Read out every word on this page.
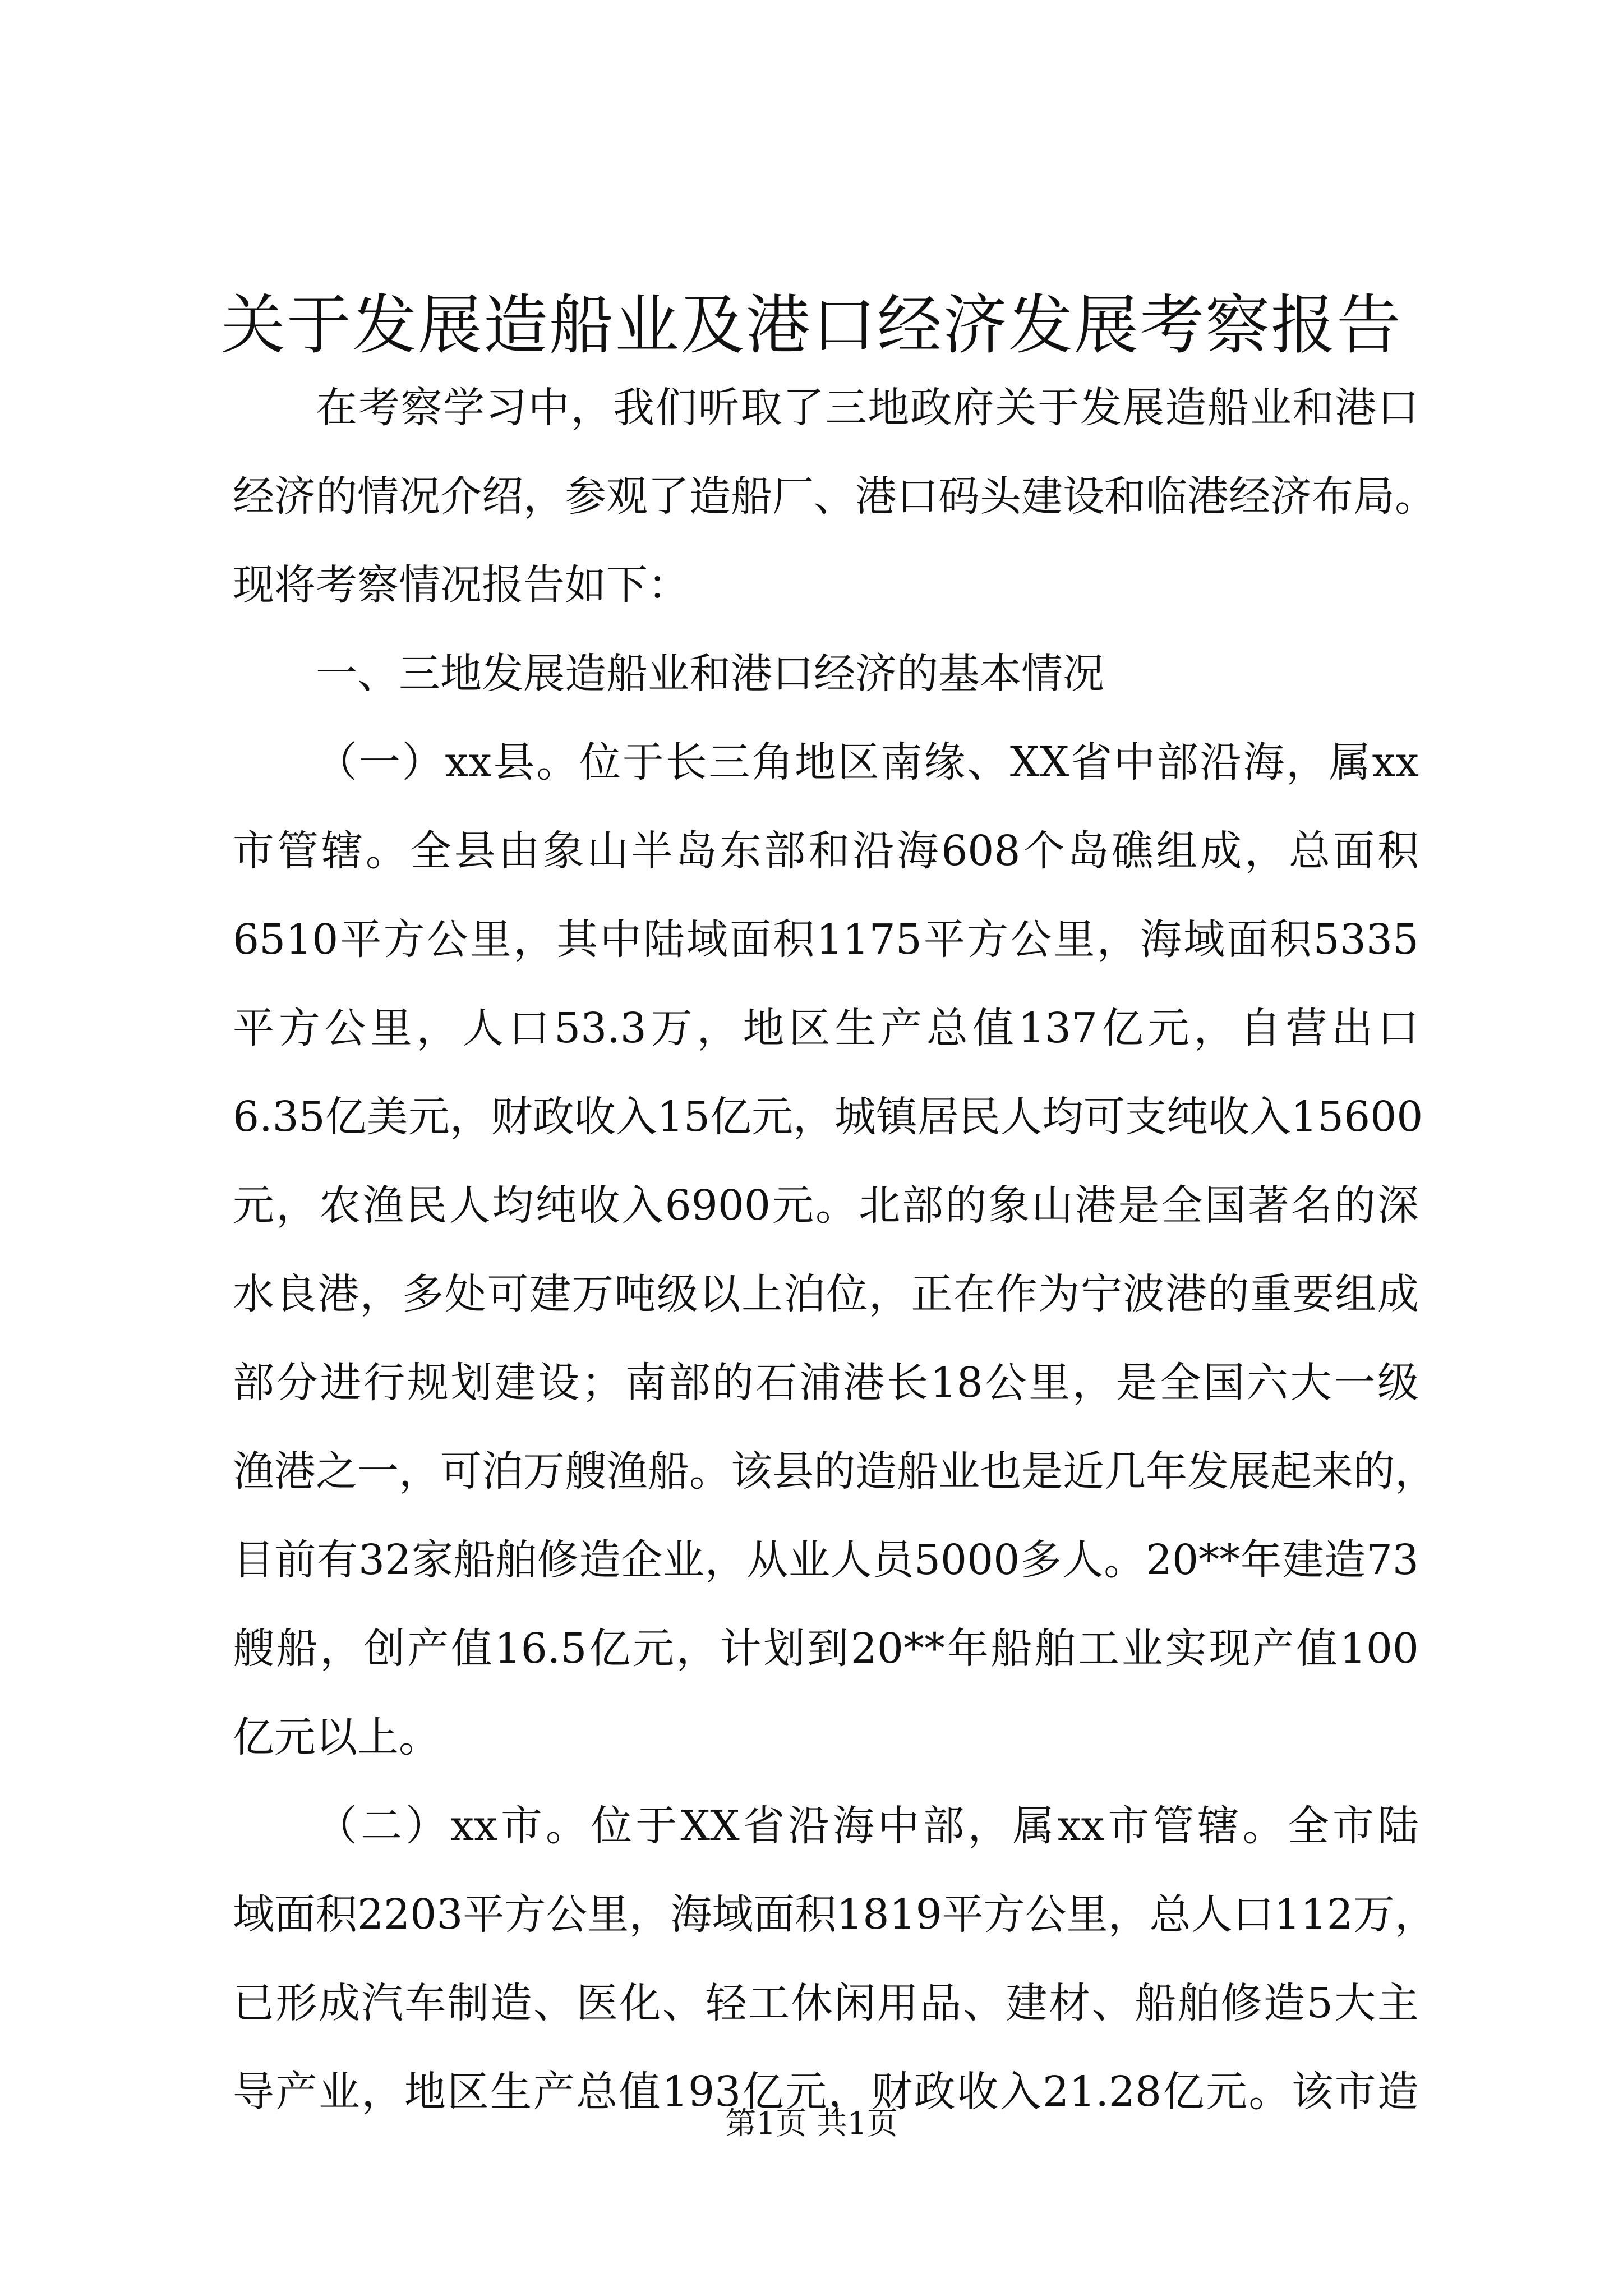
关于发展造船业及港口经济发展考察报告
在考察学习中，我们听取了三地政府关于发展造船业和港口
经济的情况介绍，参观了造船厂、港口码头建设和临港经济布局。
现将考察情况报告如下：
一、三地发展造船业和港口经济的基本情况
（一）xx县。位于长三角地区南缘、XX省中部沿海，属xx
市管辖。全县由象山半岛东部和沿海608个岛礁组成，总面积
6510平方公里，其中陆域面积1175平方公里，海域面积5335
平方公里，人口53.3万，地区生产总值137亿元，自营出口
6.35亿美元，财政收入15亿元，城镇居民人均可支纯收入15600
元，农渔民人均纯收入6900元。北部的象山港是全国著名的深
水良港，多处可建万吨级以上泊位，正在作为宁波港的重要组成
部分进行规划建设；南部的石浦港长18公里，是全国六大一级
渔港之一，可泊万艘渔船。该县的造船业也是近几年发展起来的，
目前有32家船舶修造企业，从业人员5000多人。20**年建造73
艘船，创产值16.5亿元，计划到20**年船舶工业实现产值100
亿元以上。
（二）xx市。位于XX省沿海中部，属xx市管辖。全市陆
域面积2203平方公里，海域面积1819平方公里，总人口112万，
已形成汽车制造、医化、轻工休闲用品、建材、船舶修造5大主
导产业，地区生产总值193亿元，财政收入21.28亿元。该市造
第1页 共1页
